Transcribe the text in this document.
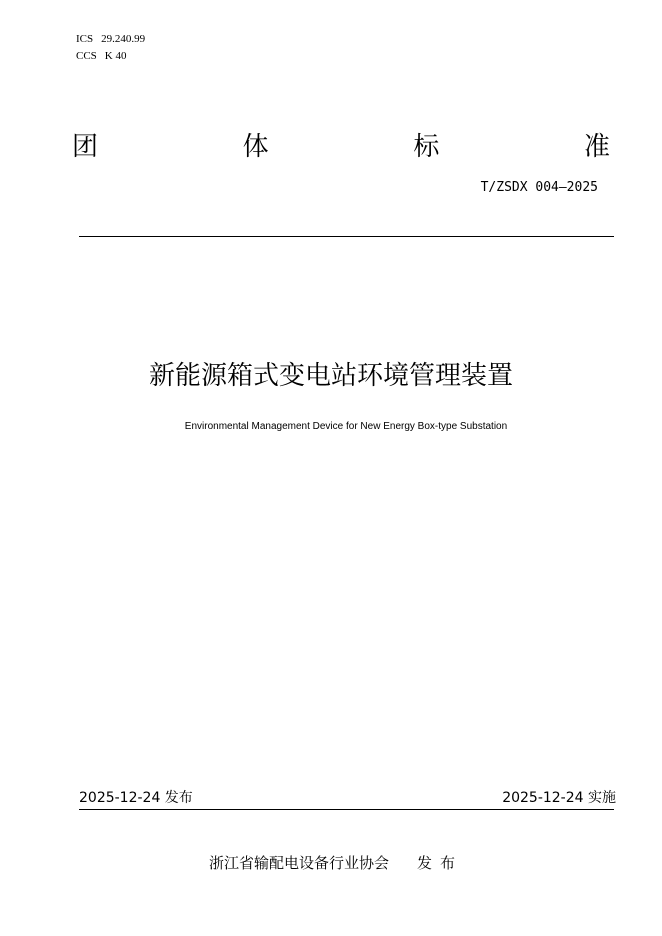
ICS 29.240.99
CCS K 40
团	体	标	准
T/ZSDX 004—2025
新能源箱式变电站环境管理装置
Environmental Management Device for New Energy Box-type Substation
2025-12-24 发布	2025-12-24 实施
浙江省输配电设备行业协会 发布
